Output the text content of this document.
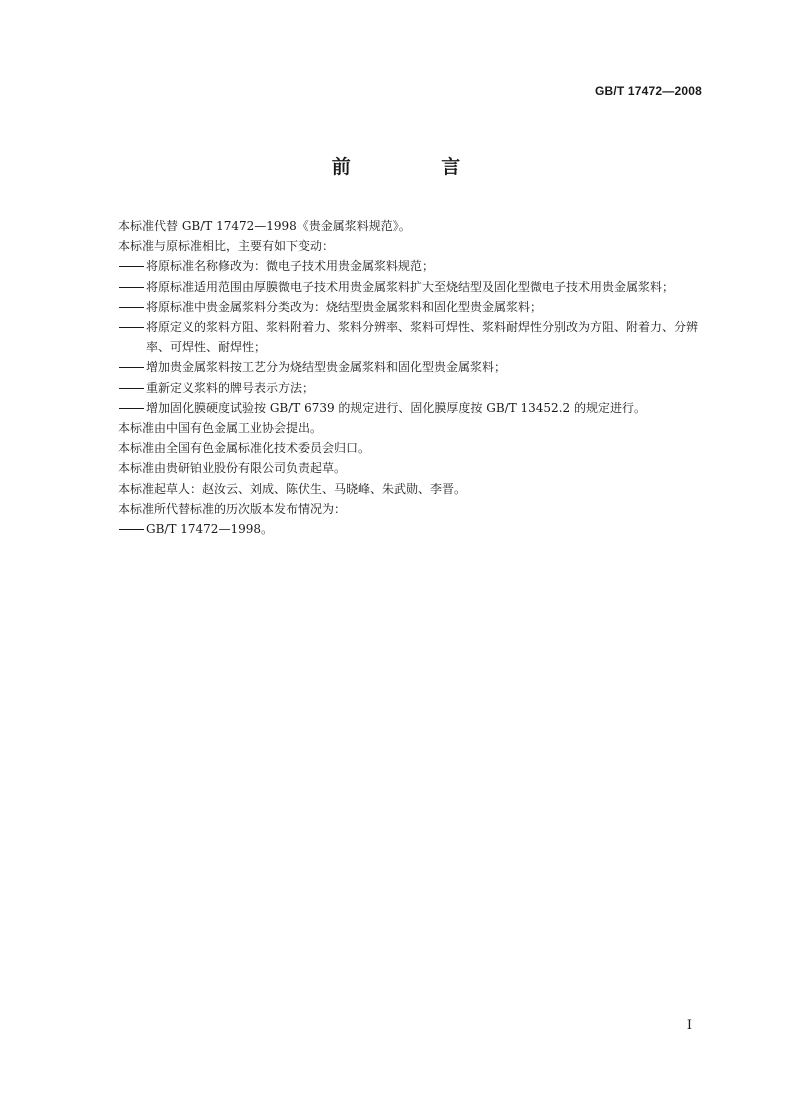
GB/T 17472—2008
前 言
本标准代替 GB/T 17472—1998《贵金属浆料规范》。
本标准与原标准相比，主要有如下变动：
将原标准名称修改为：微电子技术用贵金属浆料规范；
将原标准适用范围由厚膜微电子技术用贵金属浆料扩大至烧结型及固化型微电子技术用贵金属浆料；
将原标准中贵金属浆料分类改为：烧结型贵金属浆料和固化型贵金属浆料；
将原定义的浆料方阻、浆料附着力、浆料分辨率、浆料可焊性、浆料耐焊性分别改为方阻、附着力、分辨率、可焊性、耐焊性；
增加贵金属浆料按工艺分为烧结型贵金属浆料和固化型贵金属浆料；
重新定义浆料的牌号表示方法；
增加固化膜硬度试验按 GB/T 6739 的规定进行、固化膜厚度按 GB/T 13452.2 的规定进行。
本标准由中国有色金属工业协会提出。
本标准由全国有色金属标准化技术委员会归口。
本标准由贵研铂业股份有限公司负责起草。
本标准起草人：赵汝云、刘成、陈伏生、马晓峰、朱武勋、李晋。
本标准所代替标准的历次版本发布情况为：
GB/T 17472—1998。
I
